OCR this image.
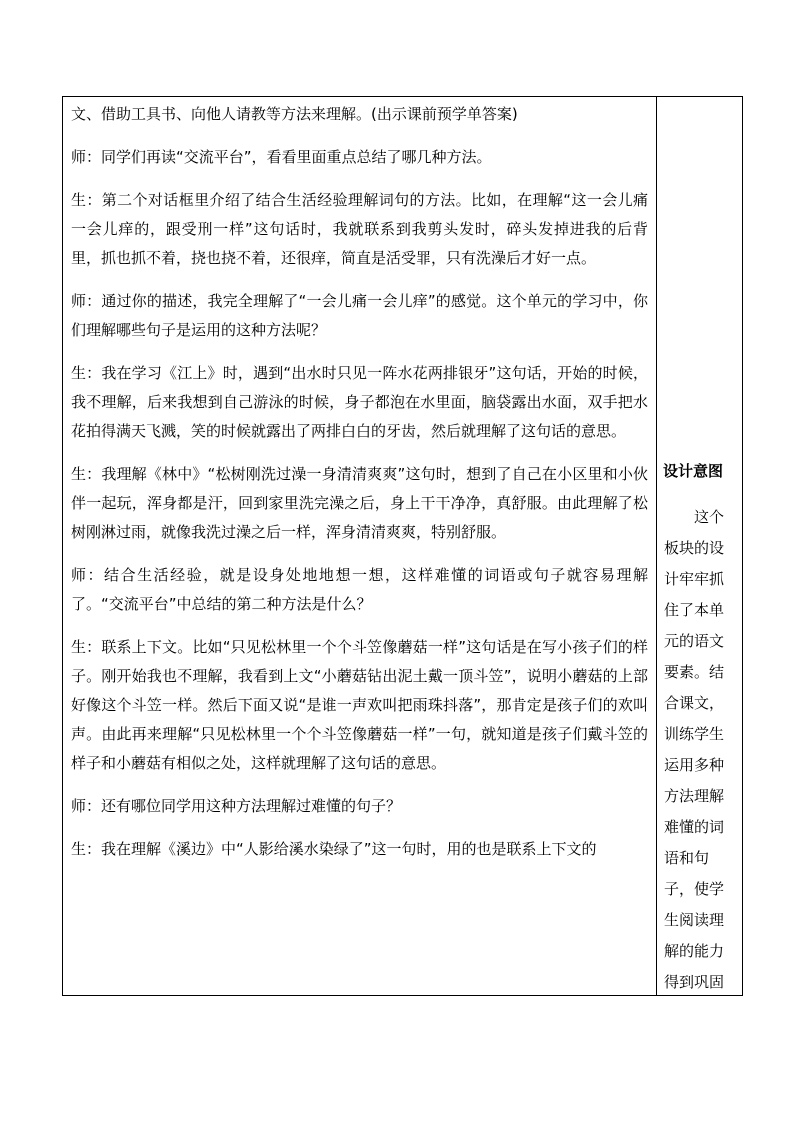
文、借助工具书、向他人请教等方法来理解。(出示课前预学单答案)

师：同学们再读“交流平台”，看看里面重点总结了哪几种方法。

生：第二个对话框里介绍了结合生活经验理解词句的方法。比如，在理解“这一会儿痛一会儿痒的，跟受刑一样”这句话时，我就联系到我剪头发时，碎头发掉进我的后背里，抓也抓不着，挠也挠不着，还很痒，简直是活受罪，只有洗澡后才好一点。

师：通过你的描述，我完全理解了“一会儿痛一会儿痒”的感觉。这个单元的学习中，你们理解哪些句子是运用的这种方法呢？

生：我在学习《江上》时，遇到“出水时只见一阵水花两排银牙”这句话，开始的时候，我不理解，后来我想到自己游泳的时候，身子都泡在水里面，脑袋露出水面，双手把水花拍得满天飞溅，笑的时候就露出了两排白白的牙齿，然后就理解了这句话的意思。

生：我理解《林中》“松树刚洗过澡一身清清爽爽”这句时，想到了自己在小区里和小伙伴一起玩，浑身都是汗，回到家里洗完澡之后，身上干干净净，真舒服。由此理解了松树刚淋过雨，就像我洗过澡之后一样，浑身清清爽爽，特别舒服。

师：结合生活经验，就是设身处地地想一想，这样难懂的词语或句子就容易理解了。“交流平台”中总结的第二种方法是什么？

生：联系上下文。比如“只见松林里一个个斗笠像蘑菇一样”这句话是在写小孩子们的样子。刚开始我也不理解，我看到上文“小蘑菇钻出泥土戴一顶斗笠”，说明小蘑菇的上部好像这个斗笠一样。然后下面又说“是谁一声欢叫把雨珠抖落”，那肯定是孩子们的欢叫声。由此再来理解“只见松林里一个个斗笠像蘑菇一样”一句，就知道是孩子们戴斗笠的样子和小蘑菇有相似之处，这样就理解了这句话的意思。

师：还有哪位同学用这种方法理解过难懂的句子？

生：我在理解《溪边》中“人影给溪水染绿了”这一句时，用的也是联系上下文的

设计意图
这个板块的设计牢牢抓住了本单元的语文要素。结合课文，训练学生运用多种方法理解难懂的词语和句子，使学生阅读理解的能力得到巩固
